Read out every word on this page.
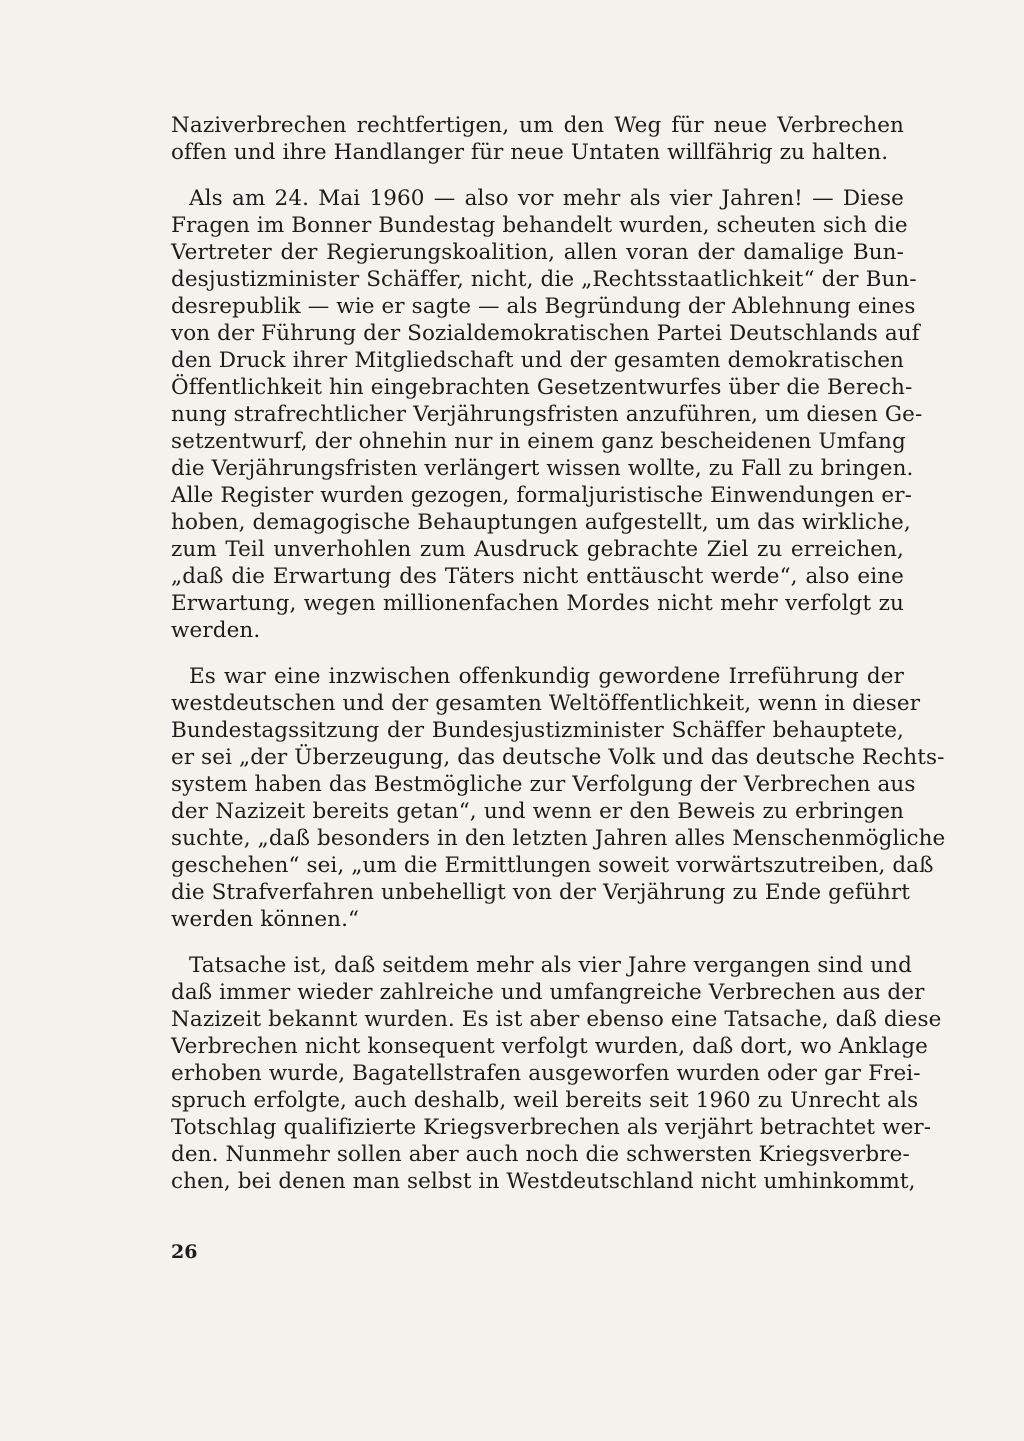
Naziverbrechen rechtfertigen, um den Weg für neue Verbrechen
offen und ihre Handlanger für neue Untaten willfährig zu halten.
Als am 24. Mai 1960 — also vor mehr als vier Jahren! — Diese
Fragen im Bonner Bundestag behandelt wurden, scheuten sich die
Vertreter der Regierungskoalition, allen voran der damalige Bun-
desjustizminister Schäffer, nicht, die „Rechtsstaatlichkeit“ der Bun-
desrepublik — wie er sagte — als Begründung der Ablehnung eines
von der Führung der Sozialdemokratischen Partei Deutschlands auf
den Druck ihrer Mitgliedschaft und der gesamten demokratischen
Öffentlichkeit hin eingebrachten Gesetzentwurfes über die Berech-
nung strafrechtlicher Verjährungsfristen anzuführen, um diesen Ge-
setzentwurf, der ohnehin nur in einem ganz bescheidenen Umfang
die Verjährungsfristen verlängert wissen wollte, zu Fall zu bringen.
Alle Register wurden gezogen, formaljuristische Einwendungen er-
hoben, demagogische Behauptungen aufgestellt, um das wirkliche,
zum Teil unverhohlen zum Ausdruck gebrachte Ziel zu erreichen,
„daß die Erwartung des Täters nicht enttäuscht werde“, also eine
Erwartung, wegen millionenfachen Mordes nicht mehr verfolgt zu
werden.
Es war eine inzwischen offenkundig gewordene Irreführung der
westdeutschen und der gesamten Weltöffentlichkeit, wenn in dieser
Bundestagssitzung der Bundesjustizminister Schäffer behauptete,
er sei „der Überzeugung, das deutsche Volk und das deutsche Rechts-
system haben das Bestmögliche zur Verfolgung der Verbrechen aus
der Nazizeit bereits getan“, und wenn er den Beweis zu erbringen
suchte, „daß besonders in den letzten Jahren alles Menschenmögliche
geschehen“ sei, „um die Ermittlungen soweit vorwärtszutreiben, daß
die Strafverfahren unbehelligt von der Verjährung zu Ende geführt
werden können.“
Tatsache ist, daß seitdem mehr als vier Jahre vergangen sind und
daß immer wieder zahlreiche und umfangreiche Verbrechen aus der
Nazizeit bekannt wurden. Es ist aber ebenso eine Tatsache, daß diese
Verbrechen nicht konsequent verfolgt wurden, daß dort, wo Anklage
erhoben wurde, Bagatellstrafen ausgeworfen wurden oder gar Frei-
spruch erfolgte, auch deshalb, weil bereits seit 1960 zu Unrecht als
Totschlag qualifizierte Kriegsverbrechen als verjährt betrachtet wer-
den. Nunmehr sollen aber auch noch die schwersten Kriegsverbre-
chen, bei denen man selbst in Westdeutschland nicht umhinkommt,
26
